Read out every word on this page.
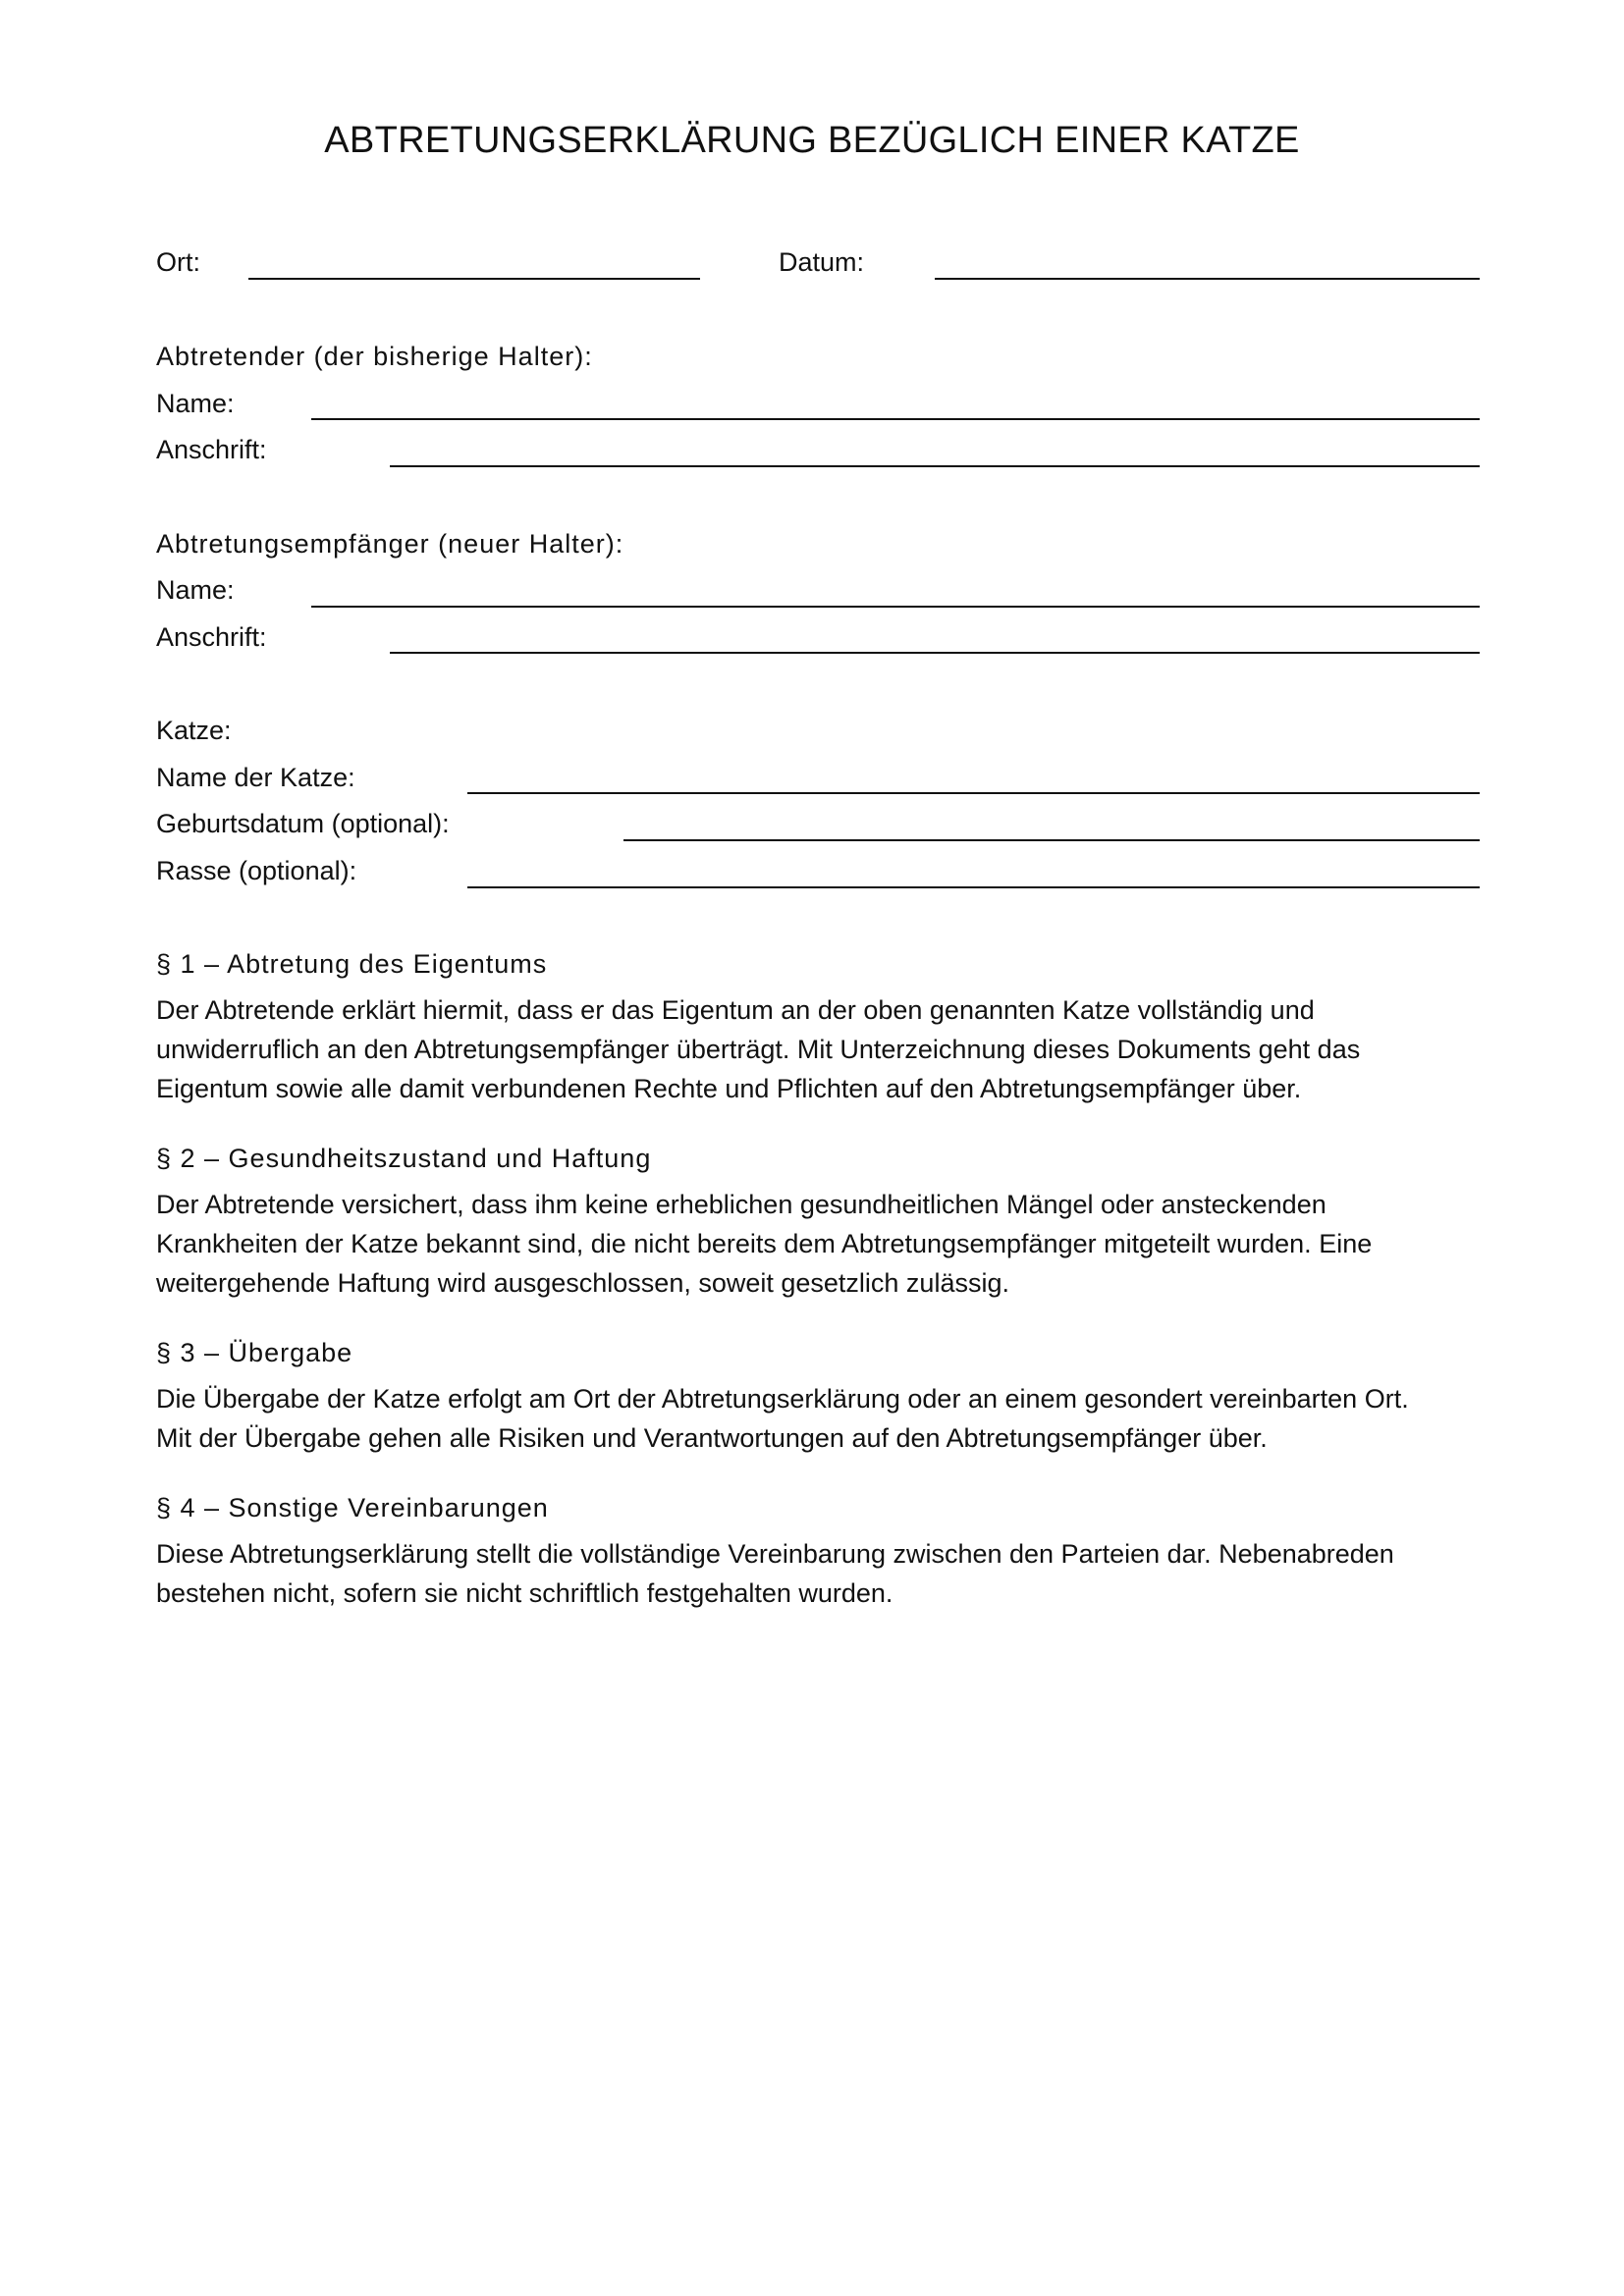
ABTRETUNGSERKLÄRUNG BEZÜGLICH EINER KATZE
Ort:	Datum:
Abtretender (der bisherige Halter):
Name:
Anschrift:
Abtretungsempfänger (neuer Halter):
Name:
Anschrift:
Katze:
Name der Katze:
Geburtsdatum (optional):
Rasse (optional):
§ 1 – Abtretung des Eigentums
Der Abtretende erklärt hiermit, dass er das Eigentum an der oben genannten Katze vollständig und
unwiderruflich an den Abtretungsempfänger überträgt. Mit Unterzeichnung dieses Dokuments geht das
Eigentum sowie alle damit verbundenen Rechte und Pflichten auf den Abtretungsempfänger über.
§ 2 – Gesundheitszustand und Haftung
Der Abtretende versichert, dass ihm keine erheblichen gesundheitlichen Mängel oder ansteckenden
Krankheiten der Katze bekannt sind, die nicht bereits dem Abtretungsempfänger mitgeteilt wurden. Eine
weitergehende Haftung wird ausgeschlossen, soweit gesetzlich zulässig.
§ 3 – Übergabe
Die Übergabe der Katze erfolgt am Ort der Abtretungserklärung oder an einem gesondert vereinbarten Ort.
Mit der Übergabe gehen alle Risiken und Verantwortungen auf den Abtretungsempfänger über.
§ 4 – Sonstige Vereinbarungen
Diese Abtretungserklärung stellt die vollständige Vereinbarung zwischen den Parteien dar. Nebenabreden
bestehen nicht, sofern sie nicht schriftlich festgehalten wurden.
